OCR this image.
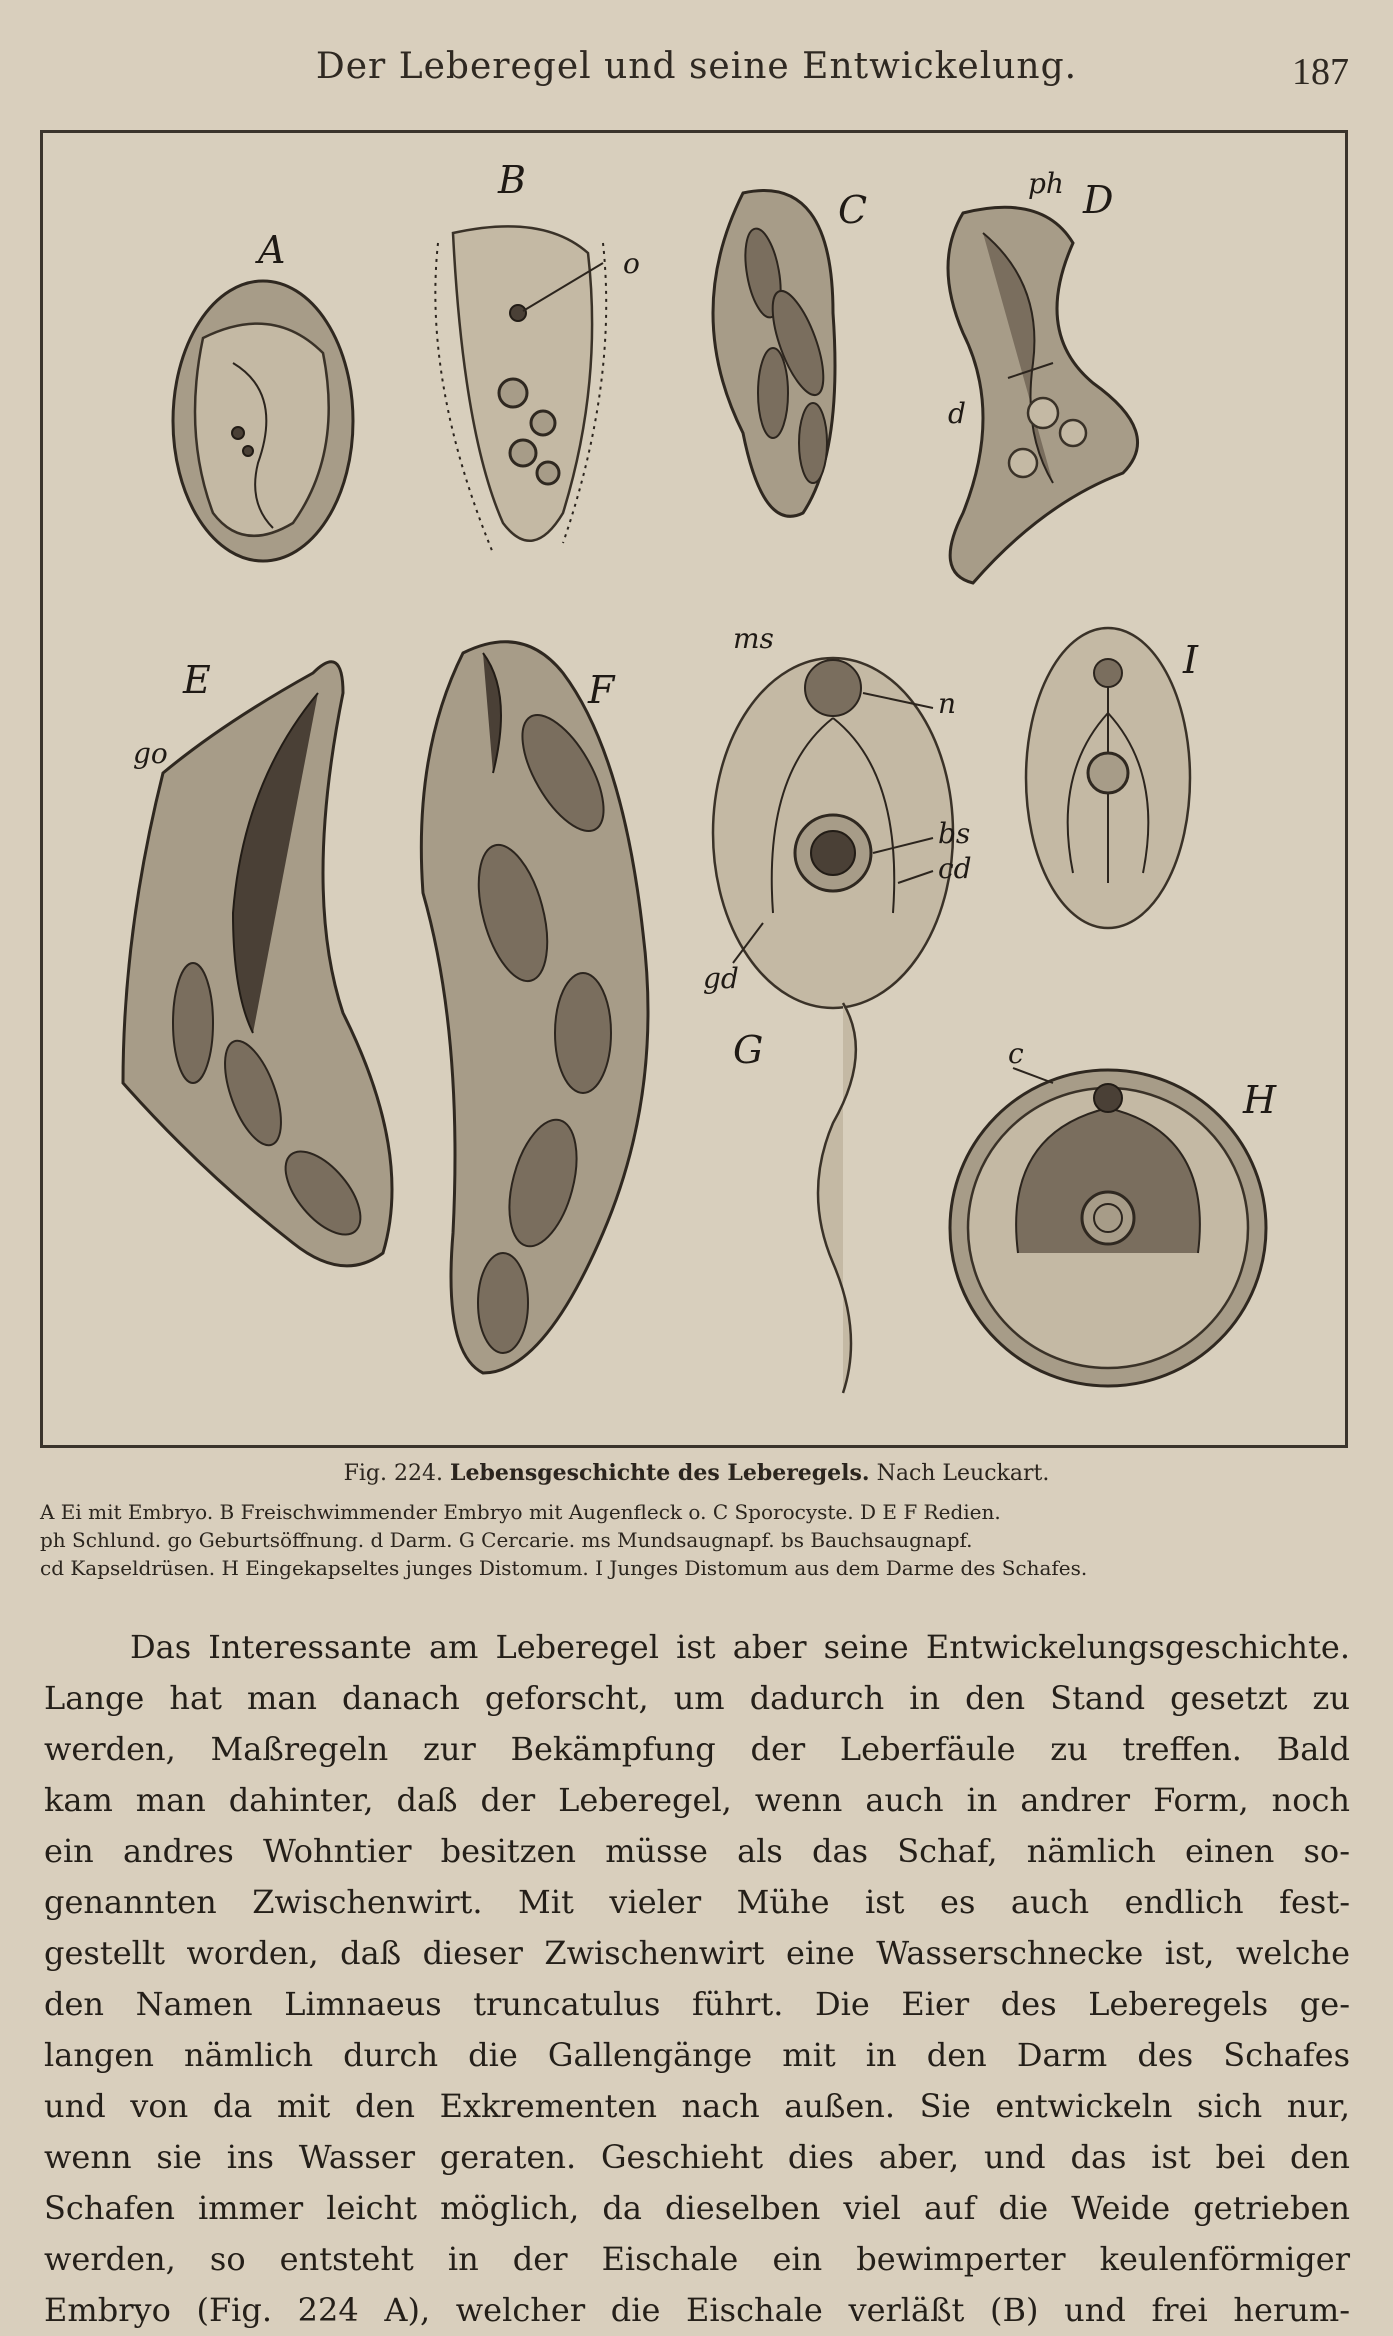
Der Leberegel und seine Entwickelung.	187
A
B
o
C
ph D
d
E
go
F
ms
n
bs
cd
gd
G
I
c
H
Fig. 224. Lebensgeschichte des Leberegels. Nach Leuckart.
A Ei mit Embryo. B Freischwimmender Embryo mit Augenfleck o. C Sporocyste. D E F Redien.
ph Schlund. go Geburtsöffnung. d Darm. G Cercarie. ms Mundsaugnapf. bs Bauchsaugnapf.
cd Kapseldrüsen. H Eingekapseltes junges Distomum. I Junges Distomum aus dem Darme des Schafes.
Das Interessante am Leberegel ist aber seine Entwickelungsgeschichte.
Lange hat man danach geforscht, um dadurch in den Stand gesetzt zu
werden, Maßregeln zur Bekämpfung der Leberfäule zu treffen. Bald
kam man dahinter, daß der Leberegel, wenn auch in andrer Form, noch
ein andres Wohntier besitzen müsse als das Schaf, nämlich einen so-
genannten Zwischenwirt. Mit vieler Mühe ist es auch endlich fest-
gestellt worden, daß dieser Zwischenwirt eine Wasserschnecke ist, welche
den Namen Limnaeus truncatulus führt. Die Eier des Leberegels ge-
langen nämlich durch die Gallengänge mit in den Darm des Schafes
und von da mit den Exkrementen nach außen. Sie entwickeln sich nur,
wenn sie ins Wasser geraten. Geschieht dies aber, und das ist bei den
Schafen immer leicht möglich, da dieselben viel auf die Weide getrieben
werden, so entsteht in der Eischale ein bewimperter keulenförmiger
Embryo (Fig. 224 A), welcher die Eischale verläßt (B) und frei herum-
